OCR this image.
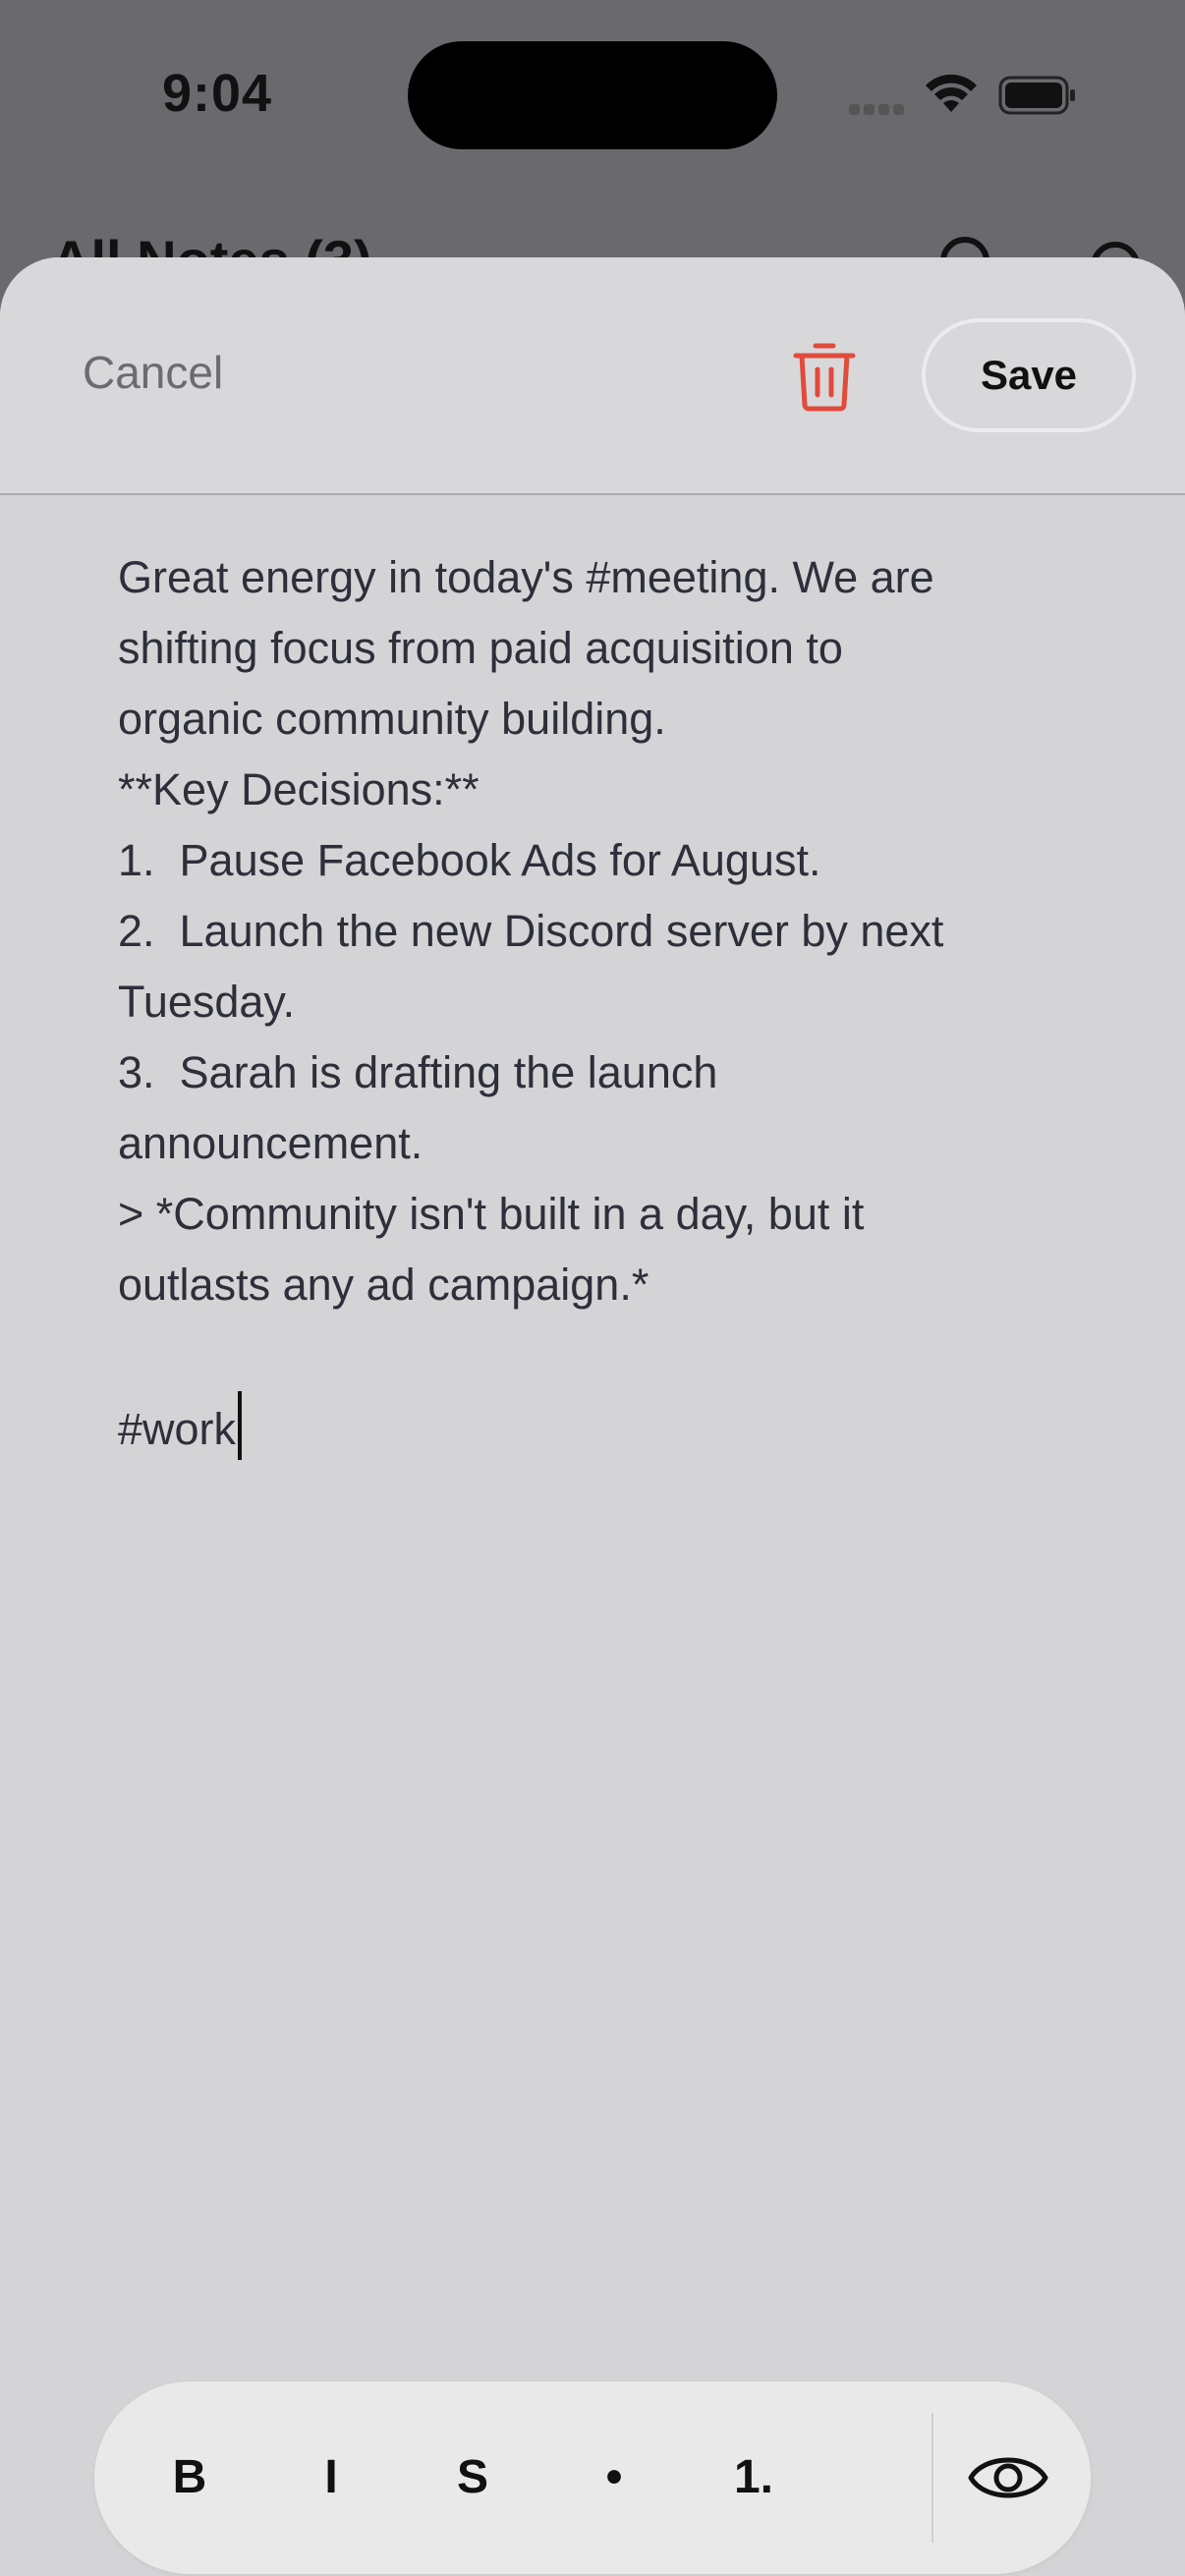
9:04
Cancel	Save
Great energy in today's #meeting. We are
shifting focus from paid acquisition to
organic community building.
**Key Decisions:**
1.  Pause Facebook Ads for August.
2.  Launch the new Discord server by next
Tuesday.
3.  Sarah is drafting the launch
announcement.
> *Community isn't built in a day, but it
outlasts any ad campaign.*
#work
B	I	S	•	1.
